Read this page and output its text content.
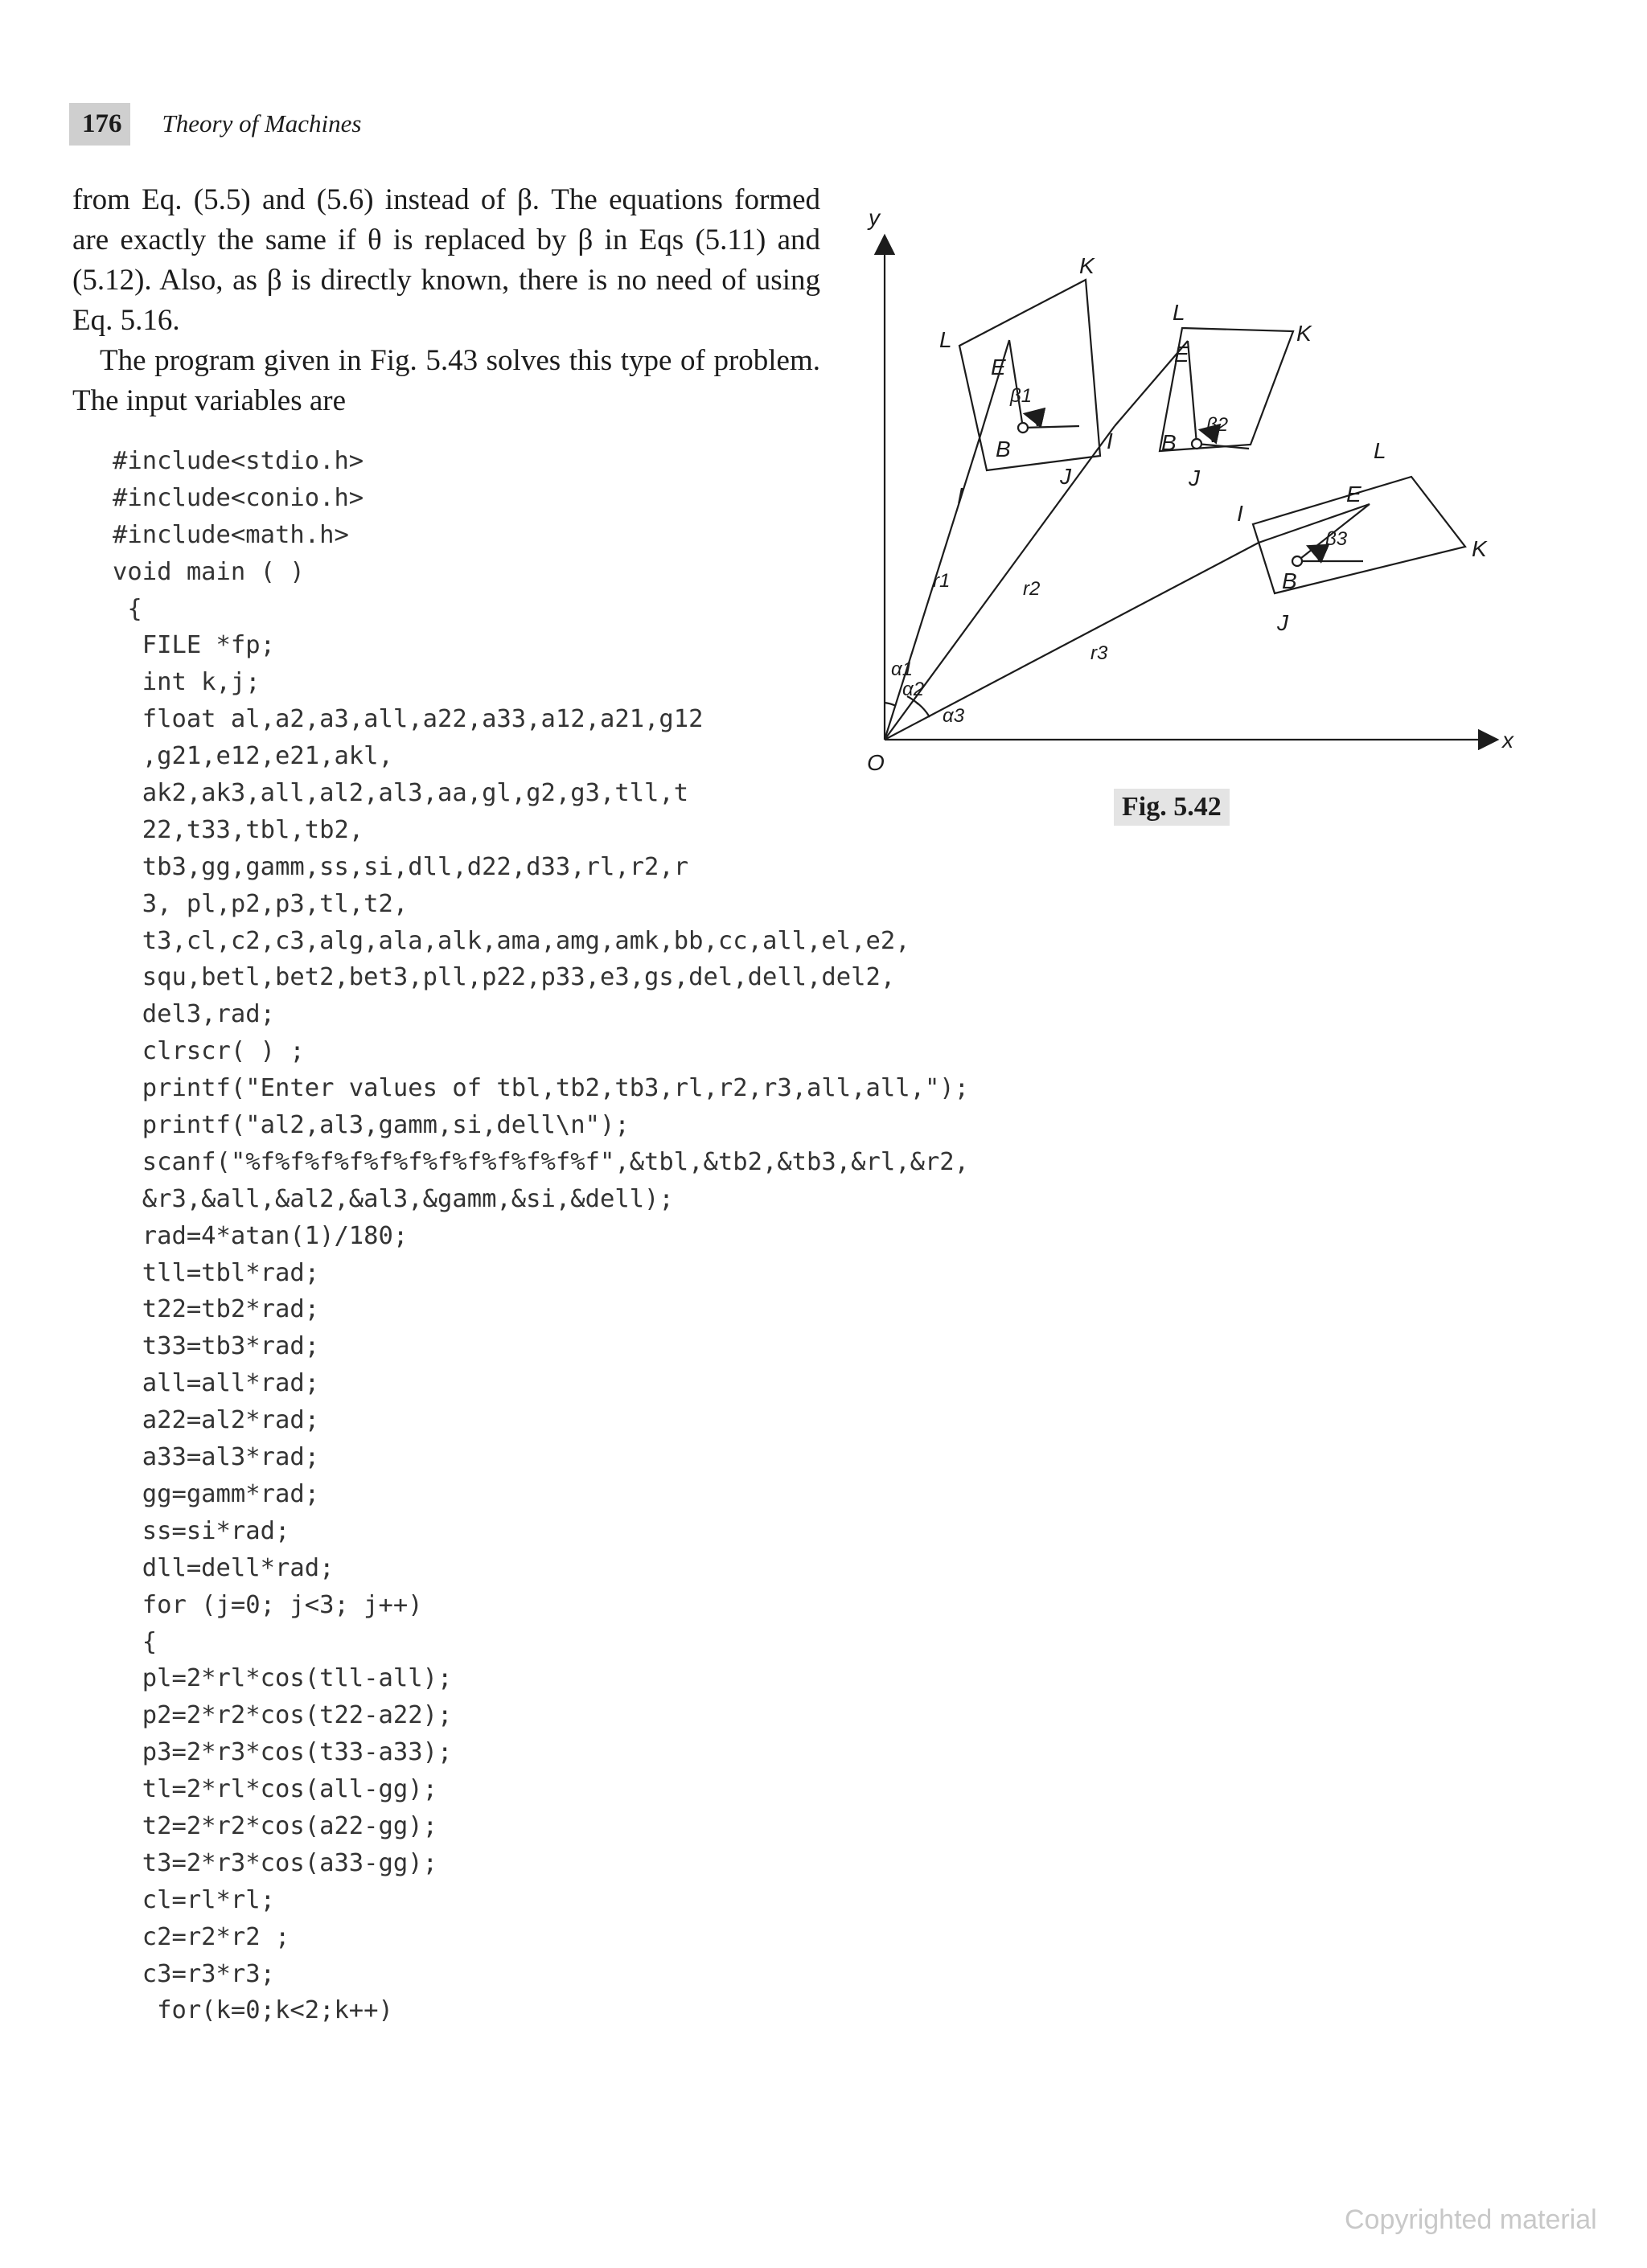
176	Theory of Machines

from Eq. (5.5) and (5.6) instead of β. The equations formed are exactly the same if θ is replaced by β in Eqs (5.11) and (5.12). Also, as β is directly known, there is no need of using Eq. 5.16.

The program given in Fig. 5.43 solves this type of problem. The input variables are

#include<stdio.h>
#include<conio.h>
#include<math.h>
void main ( )
{
FILE *fp;
int k,j;
float al,a2,a3,all,a22,a33,a12,a21,g12
,g21,e12,e21,akl,
ak2,ak3,all,al2,al3,aa,gl,g2,g3,tll,t
22,t33,tbl,tb2,
tb3,gg,gamm,ss,si,dll,d22,d33,rl,r2,r
3, pl,p2,p3,tl,t2,
t3,cl,c2,c3,alg,ala,alk,ama,amg,amk,bb,cc,all,el,e2,
squ,betl,bet2,bet3,pll,p22,p33,e3,gs,del,dell,del2,
del3,rad;
clrscr( ) ;
printf("Enter values of tbl,tb2,tb3,rl,r2,r3,all,all,");
printf("al2,al3,gamm,si,dell\n");
scanf("%f%f%f%f%f%f%f%f%f%f%f%f",&tbl,&tb2,&tb3,&rl,&r2,
&r3,&all,&al2,&al3,&gamm,&si,&dell);
rad=4*atan(1)/180;
tll=tbl*rad;
t22=tb2*rad;
t33=tb3*rad;
all=all*rad;
a22=al2*rad;
a33=al3*rad;
gg=gamm*rad;
ss=si*rad;
dll=dell*rad;
for (j=0; j<3; j++)
{
pl=2*rl*cos(tll-all);
p2=2*r2*cos(t22-a22);
p3=2*r3*cos(t33-a33);
tl=2*rl*cos(all-gg);
t2=2*r2*cos(a22-gg);
t3=2*r3*cos(a33-gg);
cl=rl*rl;
c2=r2*r2 ;
c3=r3*r3;
for(k=0;k<2;k++)
y
x
O
r1	r2
r3
α1
α2
α3
β1
β2
β3
K
L
E
B
J
I
L
K
E
B
I
J
L
E
I
K
B
J
Fig. 5.42
Copyrighted material
